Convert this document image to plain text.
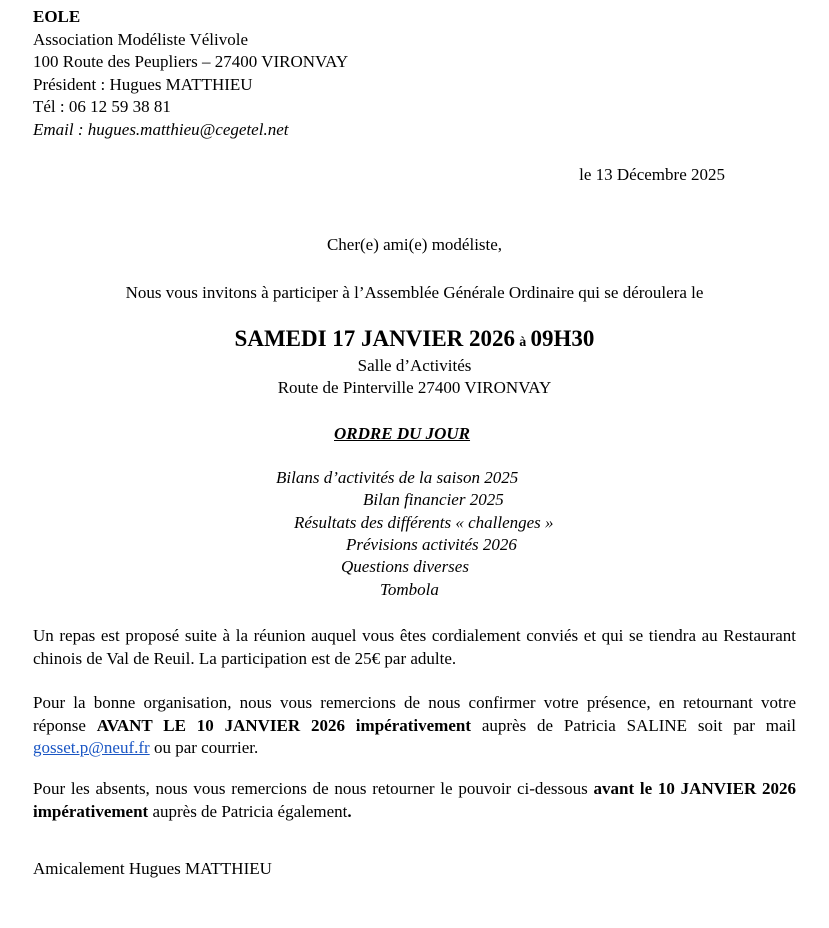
EOLE
Association Modéliste Vélivole
100 Route des Peupliers – 27400 VIRONVAY
Président : Hugues MATTHIEU
Tél : 06 12 59 38 81
Email : hugues.matthieu@cegetel.net
le 13 Décembre 2025
Cher(e) ami(e) modéliste,
Nous vous invitons à participer à l’Assemblée Générale Ordinaire qui se déroulera le
SAMEDI 17 JANVIER 2026 à 09H30
Salle d’Activités
Route de Pinterville 27400 VIRONVAY
ORDRE DU JOUR
Bilans d’activités de la saison 2025
Bilan financier 2025
Résultats des différents « challenges »
Prévisions activités 2026
Questions diverses
Tombola
Un repas est proposé suite à la réunion auquel vous êtes cordialement conviés et qui se tiendra au Restaurant chinois de Val de Reuil. La participation est de 25€ par adulte.
Pour la bonne organisation, nous vous remercions de nous confirmer votre présence, en retournant votre réponse AVANT LE 10 JANVIER 2026 impérativement auprès de Patricia SALINE soit par mail gosset.p@neuf.fr ou par courrier.
Pour les absents, nous vous remercions de nous retourner le pouvoir ci-dessous avant le 10 JANVIER 2026 impérativement auprès de Patricia également.
Amicalement Hugues MATTHIEU
